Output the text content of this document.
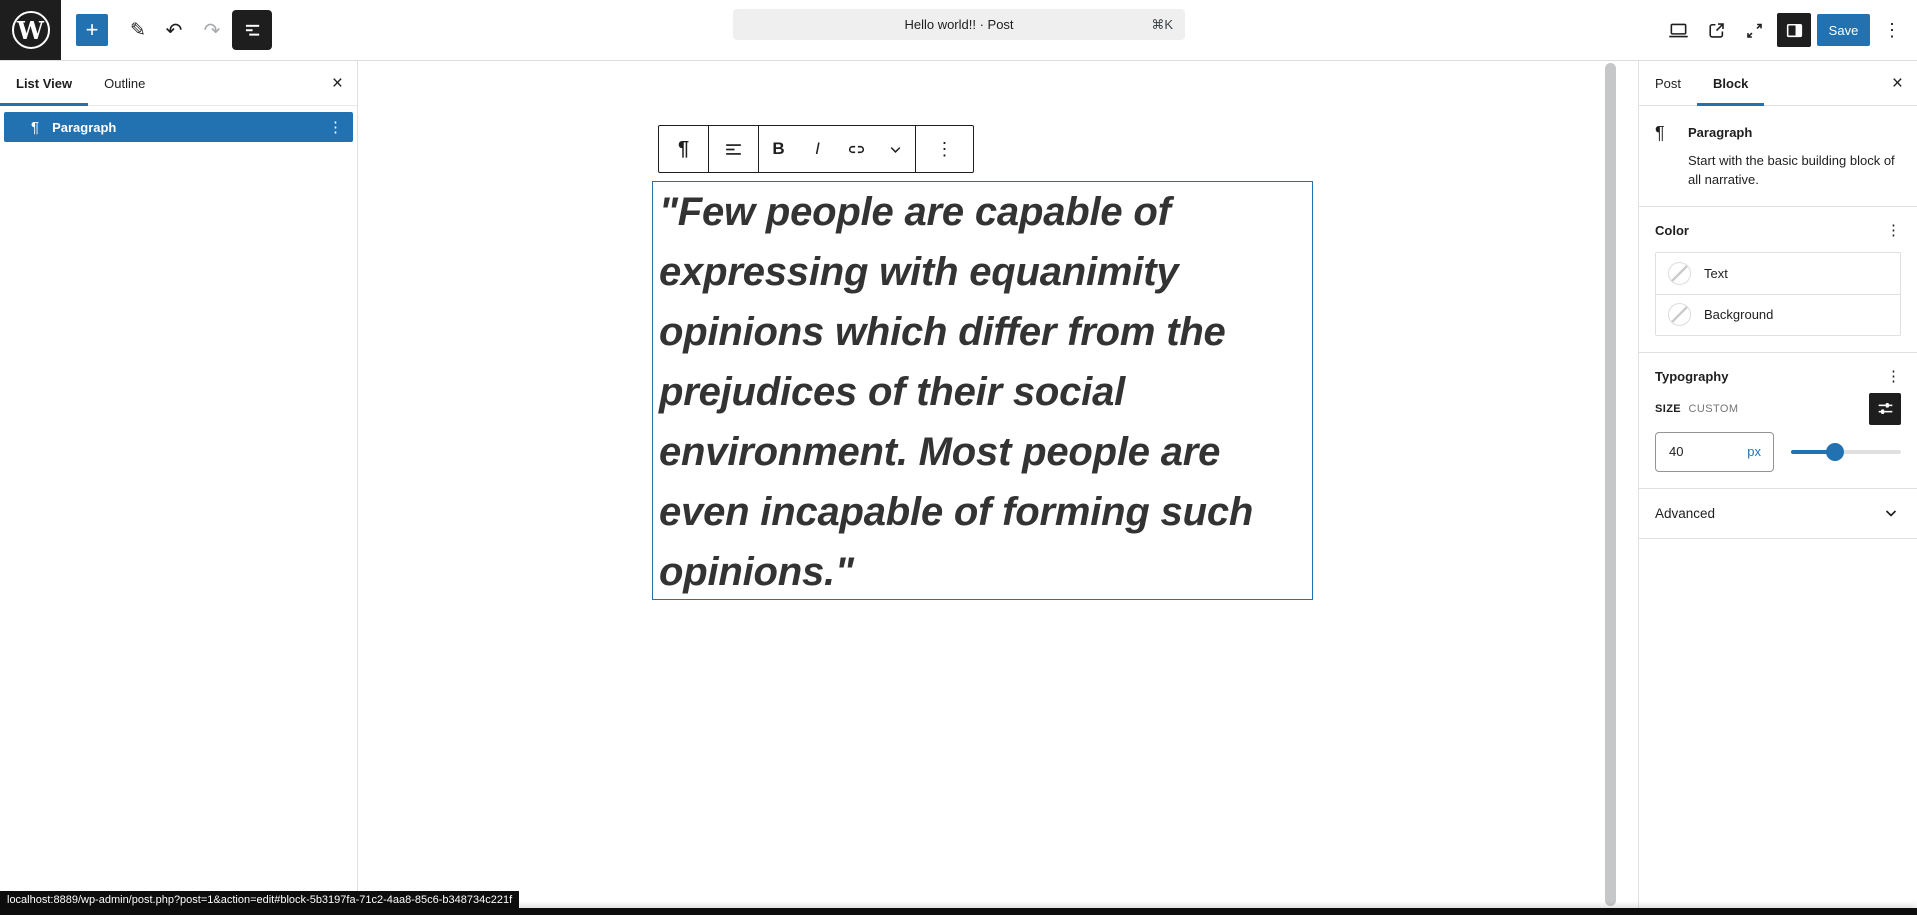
W + ✎ ↶ ↷	Hello world!! · Post	⌘K	Save	⋮
List View Outline	×
¶ Paragraph	⋮
¶	B I	⋮
"Few people are capable of expressing with equanimity opinions which differ from the prejudices of their social environment. Most people are even incapable of forming such opinions."
Post Block	×
¶	Paragraph
Start with the basic building block of all narrative.
Color	⋮
Text
Background
Typography	⋮
SIZE CUSTOM
40
px
Advanced
localhost:8889/wp-admin/post.php?post=1&action=edit#block-5b3197fa-71c2-4aa8-85c6-b348734c221f
